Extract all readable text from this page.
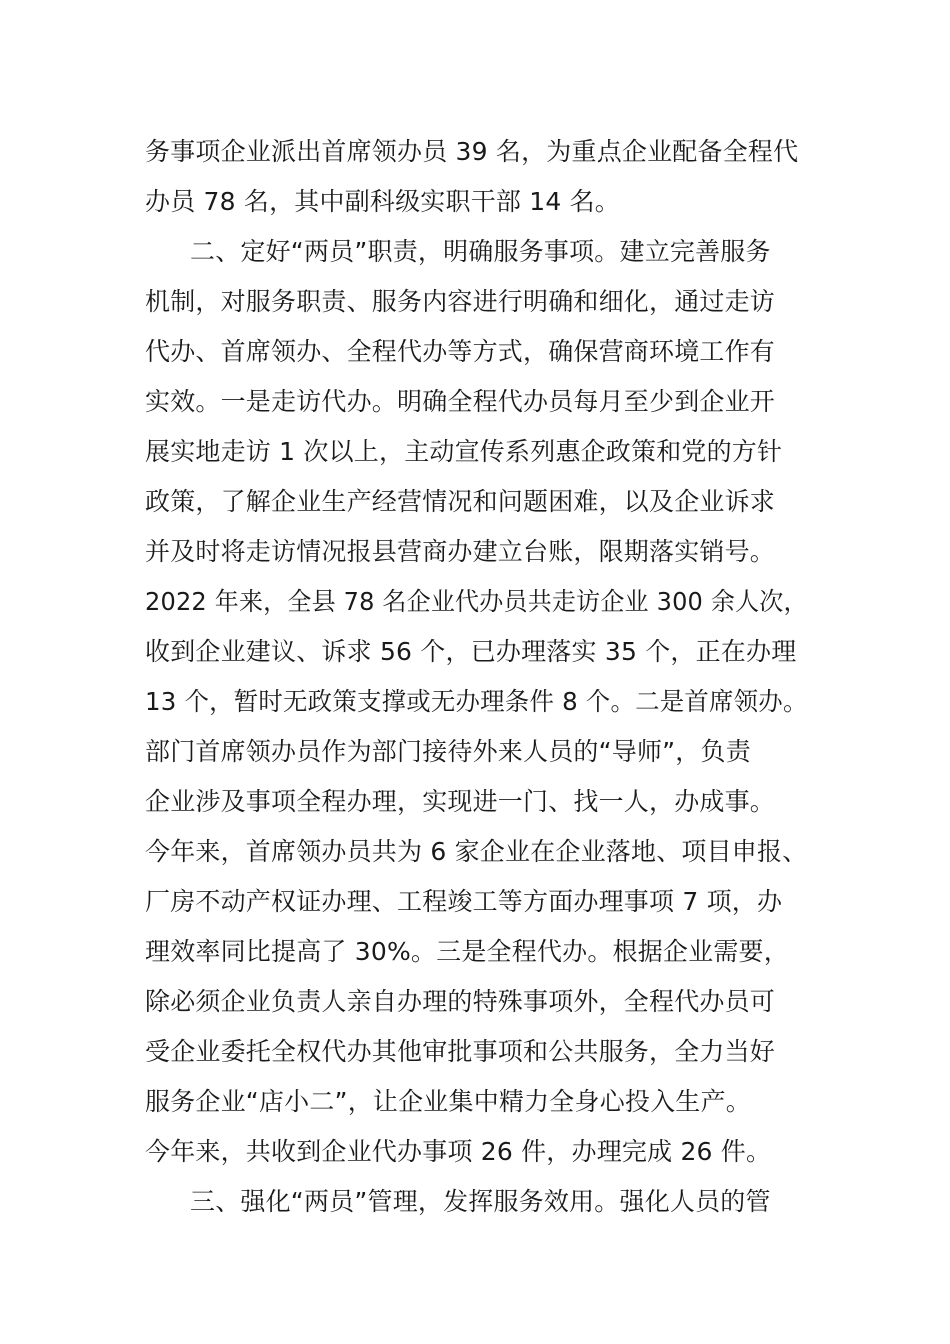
务事项企业派出首席领办员 39 名，为重点企业配备全程代
办员 78 名，其中副科级实职干部 14 名。
二、定好“两员”职责，明确服务事项。建立完善服务
机制，对服务职责、服务内容进行明确和细化，通过走访
代办、首席领办、全程代办等方式，确保营商环境工作有
实效。一是走访代办。明确全程代办员每月至少到企业开
展实地走访 1 次以上，主动宣传系列惠企政策和党的方针
政策，了解企业生产经营情况和问题困难，以及企业诉求
并及时将走访情况报县营商办建立台账，限期落实销号。
2022 年来，全县 78 名企业代办员共走访企业 300 余人次，
收到企业建议、诉求 56 个，已办理落实 35 个，正在办理
13 个，暂时无政策支撑或无办理条件 8 个。二是首席领办。
部门首席领办员作为部门接待外来人员的“导师”，负责
企业涉及事项全程办理，实现进一门、找一人，办成事。
今年来，首席领办员共为 6 家企业在企业落地、项目申报、
厂房不动产权证办理、工程竣工等方面办理事项 7 项，办
理效率同比提高了 30%。三是全程代办。根据企业需要，
除必须企业负责人亲自办理的特殊事项外，全程代办员可
受企业委托全权代办其他审批事项和公共服务，全力当好
服务企业“店小二”，让企业集中精力全身心投入生产。
今年来，共收到企业代办事项 26 件，办理完成 26 件。
三、强化“两员”管理，发挥服务效用。强化人员的管
